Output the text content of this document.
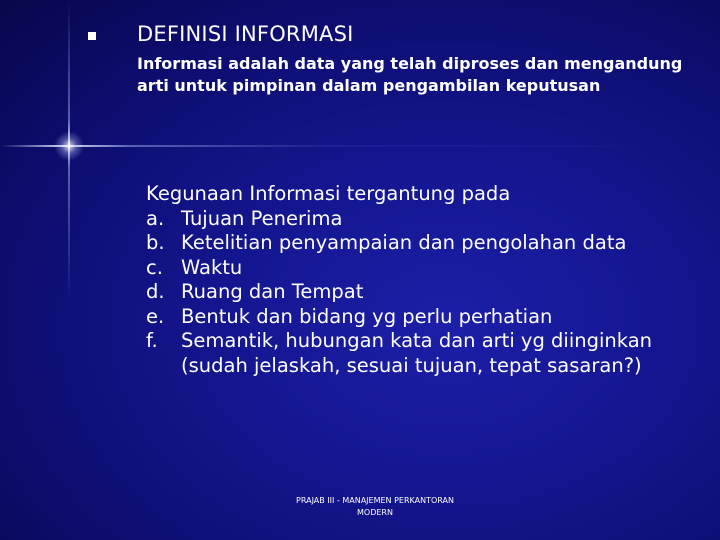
DEFINISI INFORMASI
Informasi adalah data yang telah diproses dan mengandung arti untuk pimpinan dalam pengambilan keputusan
Kegunaan Informasi tergantung pada
a. Tujuan Penerima
b. Ketelitian penyampaian dan pengolahan data
c. Waktu
d. Ruang dan Tempat
e. Bentuk dan bidang yg perlu perhatian
f.	Semantik, hubungan kata dan arti yg diinginkan
(sudah jelaskah, sesuai tujuan, tepat sasaran?)
PRAJAB III - MANAJEMEN PERKANTORAN
MODERN
